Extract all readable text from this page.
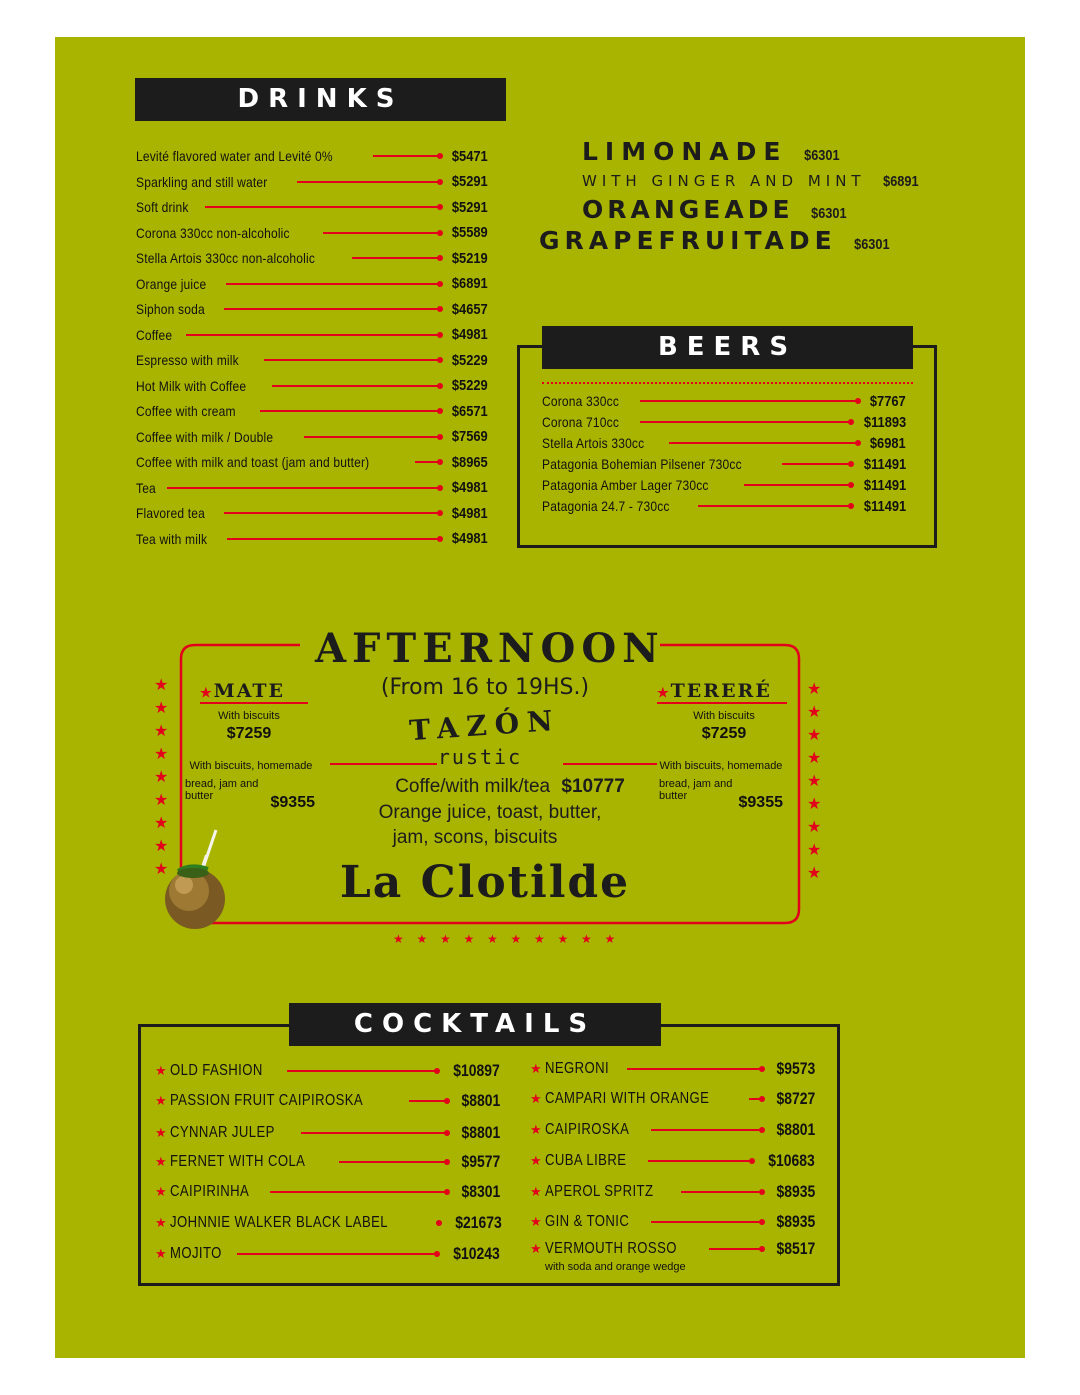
DRINKS
Levité flavored water and Levité 0%	$5471
Sparkling and still water	$5291
Soft drink	$5291
Corona 330cc non-alcoholic	$5589
Stella Artois 330cc non-alcoholic	$5219
Orange juice	$6891
Siphon soda	$4657
Coffee	$4981
Espresso with milk	$5229
Hot Milk with Coffee	$5229
Coffee with cream	$6571
Coffee with milk / Double	$7569
Coffee with milk and toast (jam and butter)	$8965
Tea	$4981
Flavored tea	$4981
Tea with milk	$4981
LIMONADE $6301
WITH GINGER AND MINT $6891
ORANGEADE $6301
GRAPEFRUITADE $6301
BEERS
Corona 330cc	$7767
Corona 710cc	$11893
Stella Artois 330cc	$6981
Patagonia Bohemian Pilsener 730cc	$11491
Patagonia Amber Lager 730cc	$11491
Patagonia 24.7 - 730cc	$11491
★
★
★
★
★
★
★
★
★
★
★
★
★
★
★
★
★
★
★ ★ ★ ★ ★ ★ ★ ★ ★ ★
AFTERNOON
(From 16 to 19HS.)
TAZÓN
rustic
Coffe/with milk/tea $10777
Orange juice, toast, butter,
jam, scons, biscuits
La Clotilde
★MATE
With biscuits
$7259
With biscuits, homemade
bread, jam and butter	$9355
★TERERÉ
With biscuits
$7259
With biscuits, homemade
bread, jam and butter	$9355
COCKTAILS
★ OLD FASHION	$10897
★ PASSION FRUIT CAIPIROSKA	$8801
★ CYNNAR JULEP	$8801
★ FERNET WITH COLA	$9577
★ CAIPIRINHA	$8301
★ JOHNNIE WALKER BLACK LABEL	$21673
★ MOJITO	$10243
★ NEGRONI	$9573
★ CAMPARI WITH ORANGE	$8727
★ CAIPIROSKA	$8801
★ CUBA LIBRE	$10683
★ APEROL SPRITZ	$8935
★ GIN & TONIC	$8935
★ VERMOUTH ROSSO	$8517
with soda and orange wedge
